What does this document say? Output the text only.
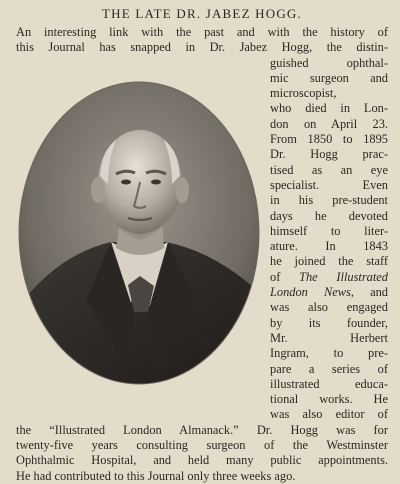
THE LATE DR. JABEZ HOGG.
An interesting link with the past and with the history of
this Journal has snapped in Dr. Jabez Hogg, the distin-
guished ophthal-
mic surgeon and
microscopist,
who died in Lon-
don on April 23.
From 1850 to 1895
Dr. Hogg prac-
tised as an eye
specialist. Even
in his pre-student
days he devoted
himself to liter-
ature. In 1843
he joined the staff
of The Illustrated
London News, and
was also engaged
by its founder,
Mr. Herbert
Ingram, to pre-
pare a series of
illustrated educa-
tional works. He
was also editor of
the “Illustrated London Almanack.” Dr. Hogg was for
twenty-five years consulting surgeon of the Westminster
Ophthalmic Hospital, and held many public appointments.
He had contributed to this Journal only three weeks ago.
